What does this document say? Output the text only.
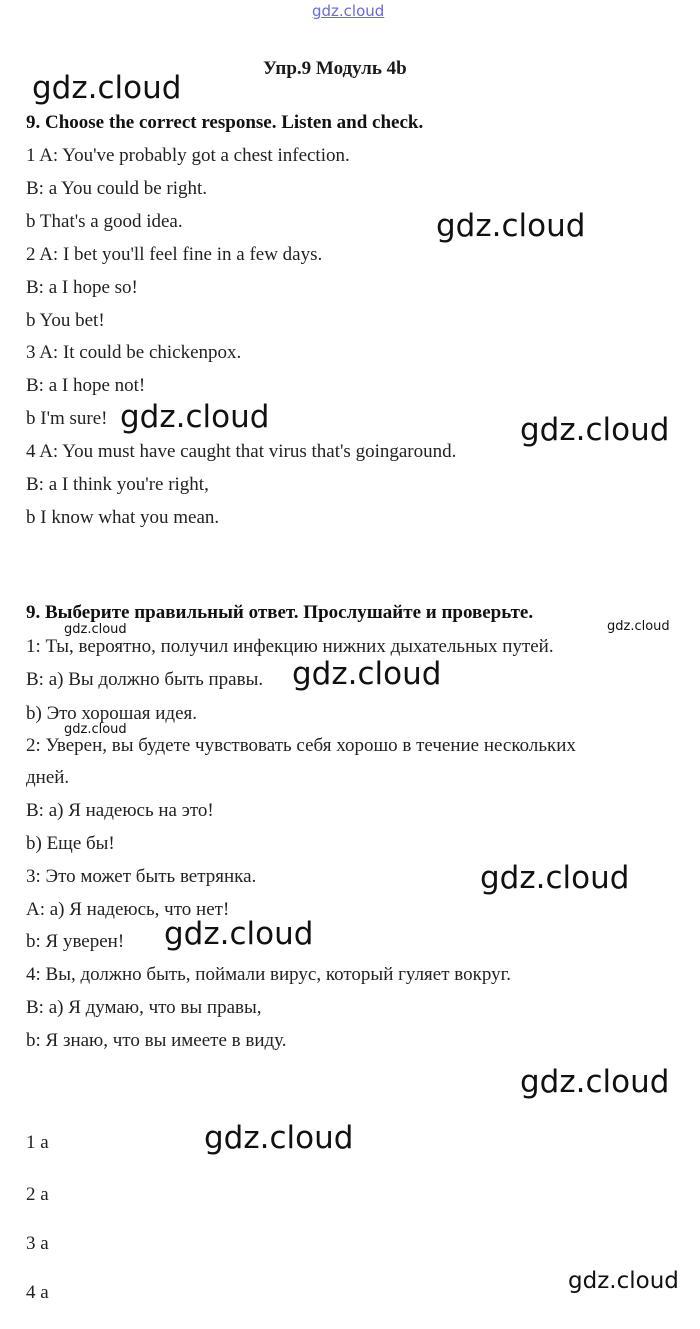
gdz.cloud
Упр.9 Модуль 4b
9. Choose the correct response. Listen and check.
1 A: You've probably got a chest infection.
B: a You could be right.
b That's a good idea.
2 A: I bet you'll feel fine in a few days.
B: a I hope so!
b You bet!
3 A: It could be chickenpox.
B: a I hope not!
b I'm sure!
4 A: You must have caught that virus that's goingaround.
B: a I think you're right,
b I know what you mean.
9. Выберите правильный ответ. Прослушайте и проверьте.
1: Ты, вероятно, получил инфекцию нижних дыхательных путей.
B: а) Вы должно быть правы.
b) Это хорошая идея.
2: Уверен, вы будете чувствовать себя хорошо в течение нескольких
дней.
B: а) Я надеюсь на это!
b) Еще бы!
3: Это может быть ветрянка.
A: а) Я надеюсь, что нет!
b: Я уверен!
4: Вы, должно быть, поймали вирус, который гуляет вокруг.
B: а) Я думаю, что вы правы,
b: Я знаю, что вы имеете в виду.
1 a
2 a
3 a
4 a
gdz.cloud
gdz.cloud
gdz.cloud	gdz.cloud
gdz.cloud
gdz.cloud
gdz.cloud
gdz.cloud
gdz.cloud
gdz.cloud
gdz.cloud	gdz.cloud
gdz.cloud
